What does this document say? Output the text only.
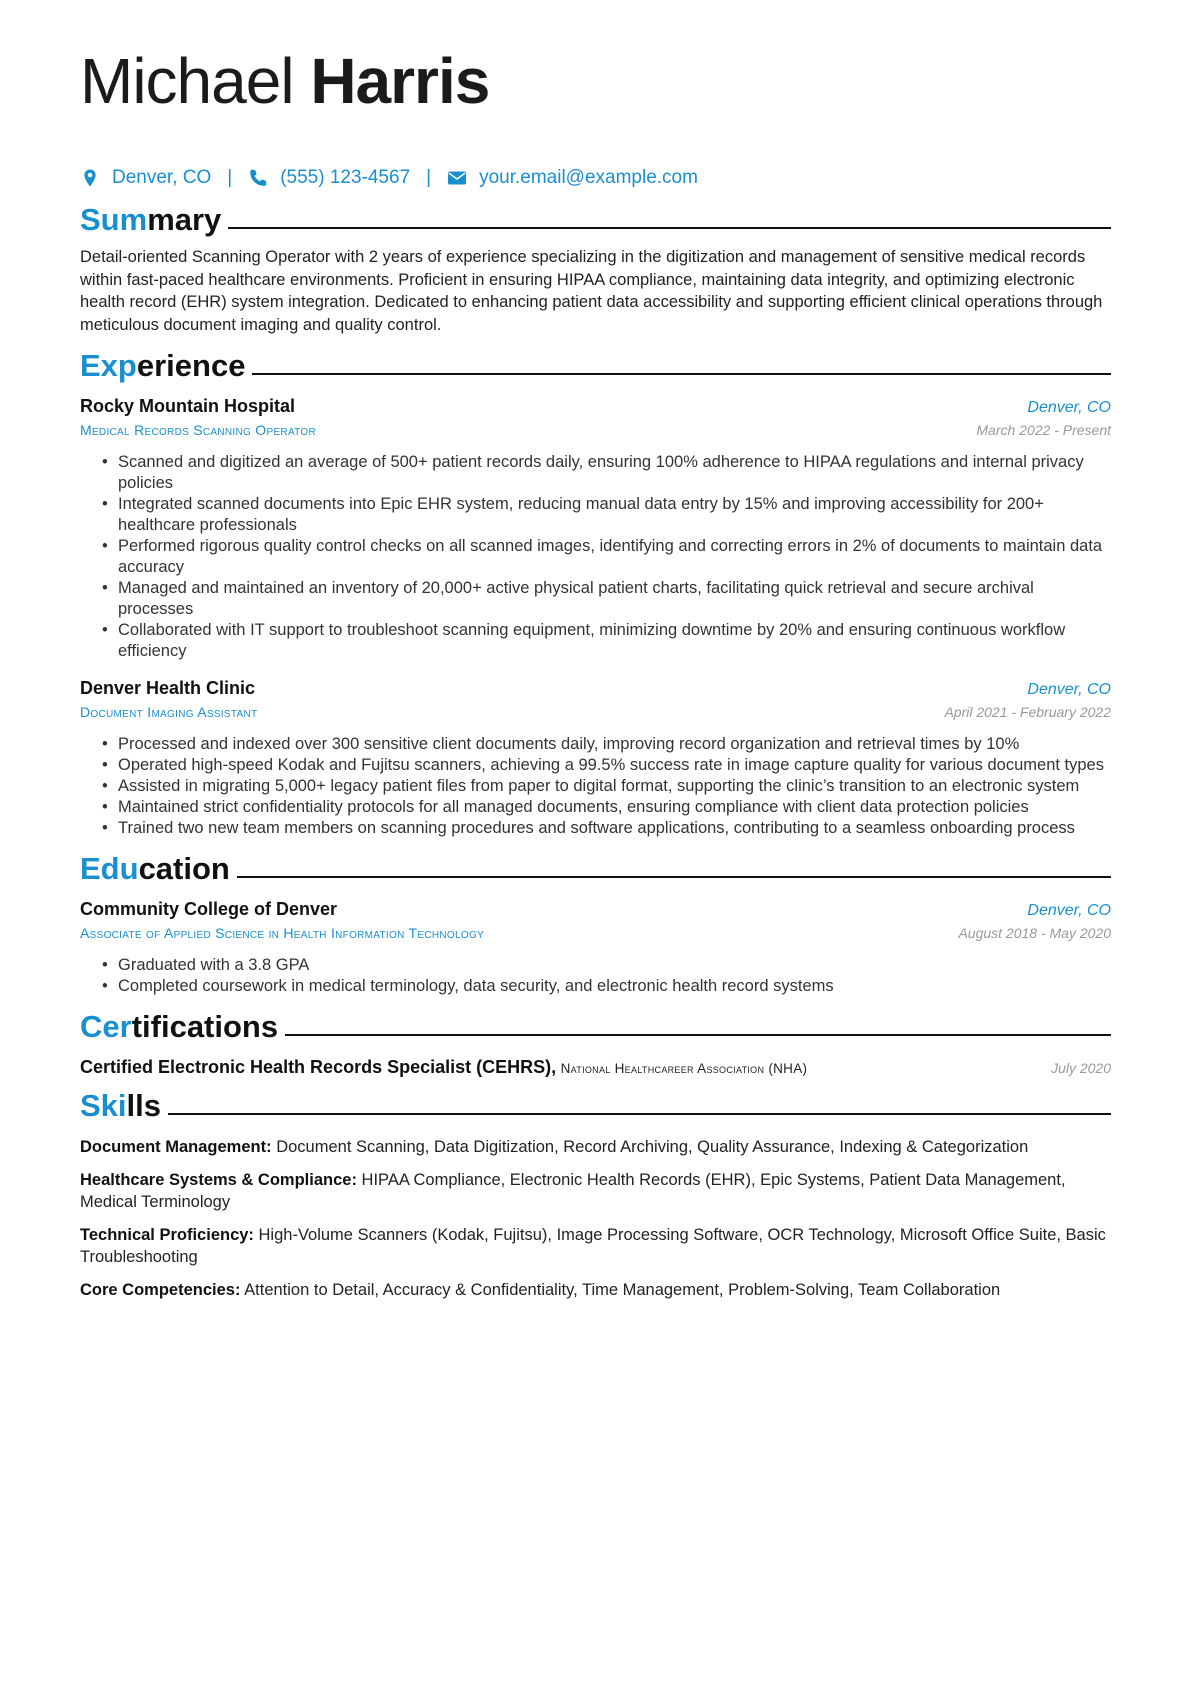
Michael Harris
Denver, CO |	(555) 123-4567 |	your.email@example.com
Summary

Detail-oriented Scanning Operator with 2 years of experience specializing in the digitization and management of sensitive medical records within fast-paced healthcare environments. Proficient in ensuring HIPAA compliance, maintaining data integrity, and optimizing electronic health record (EHR) system integration. Dedicated to enhancing patient data accessibility and supporting efficient clinical operations through meticulous document imaging and quality control.

Experience
Rocky Mountain Hospital	Denver, CO
Medical Records Scanning Operator	March 2022 - Present
• Scanned and digitized an average of 500+ patient records daily, ensuring 100% adherence to HIPAA regulations and internal privacy policies
• Integrated scanned documents into Epic EHR system, reducing manual data entry by 15% and improving accessibility for 200+ healthcare professionals
• Performed rigorous quality control checks on all scanned images, identifying and correcting errors in 2% of documents to maintain data accuracy
• Managed and maintained an inventory of 20,000+ active physical patient charts, facilitating quick retrieval and secure archival processes
• Collaborated with IT support to troubleshoot scanning equipment, minimizing downtime by 20% and ensuring continuous workflow efficiency
Denver Health Clinic	Denver, CO
Document Imaging Assistant	April 2021 - February 2022
• Processed and indexed over 300 sensitive client documents daily, improving record organization and retrieval times by 10%
• Operated high-speed Kodak and Fujitsu scanners, achieving a 99.5% success rate in image capture quality for various document types
• Assisted in migrating 5,000+ legacy patient files from paper to digital format, supporting the clinic’s transition to an electronic system
• Maintained strict confidentiality protocols for all managed documents, ensuring compliance with client data protection policies
• Trained two new team members on scanning procedures and software applications, contributing to a seamless onboarding process
Education
Community College of Denver	Denver, CO
Associate of Applied Science in Health Information Technology	August 2018 - May 2020
• Graduated with a 3.8 GPA
• Completed coursework in medical terminology, data security, and electronic health record systems
Certifications
Certified Electronic Health Records Specialist (CEHRS), National Healthcareer Association (NHA)	July 2020
Skills

Document Management: Document Scanning, Data Digitization, Record Archiving, Quality Assurance, Indexing & Categorization

Healthcare Systems & Compliance: HIPAA Compliance, Electronic Health Records (EHR), Epic Systems, Patient Data Management, Medical Terminology

Technical Proficiency: High-Volume Scanners (Kodak, Fujitsu), Image Processing Software, OCR Technology, Microsoft Office Suite, Basic Troubleshooting

Core Competencies: Attention to Detail, Accuracy & Confidentiality, Time Management, Problem-Solving, Team Collaboration
